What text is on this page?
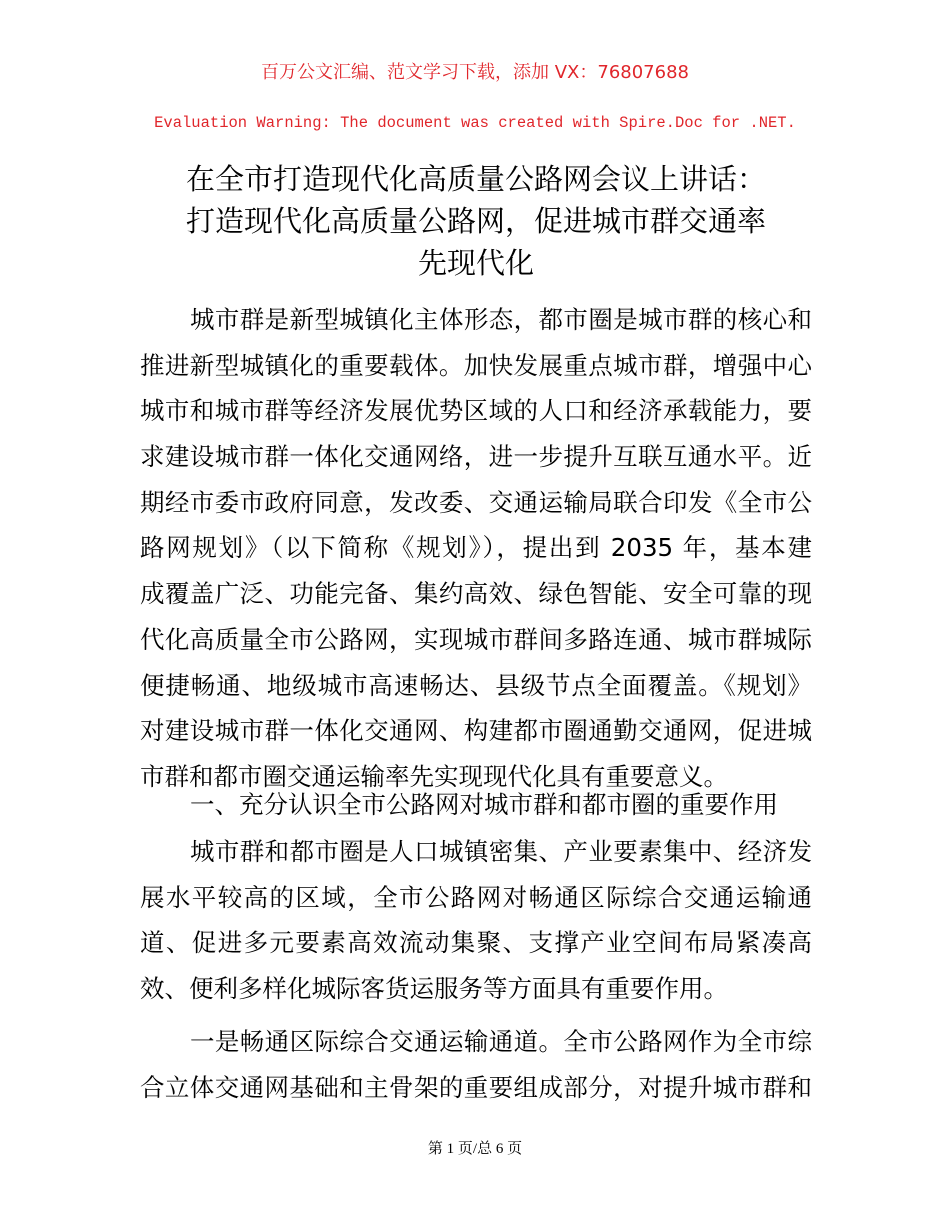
百万公文汇编、范文学习下载，添加 VX：76807688
Evaluation Warning: The document was created with Spire.Doc for .NET.
在全市打造现代化高质量公路网会议上讲话：
打造现代化高质量公路网，促进城市群交通率
先现代化
城市群是新型城镇化主体形态，都市圈是城市群的核心和
推进新型城镇化的重要载体。加快发展重点城市群，增强中心
城市和城市群等经济发展优势区域的人口和经济承载能力，要
求建设城市群一体化交通网络，进一步提升互联互通水平。近
期经市委市政府同意，发改委、交通运输局联合印发《全市公
路网规划》（以下简称《规划》），提出到 2035 年，基本建
成覆盖广泛、功能完备、集约高效、绿色智能、安全可靠的现
代化高质量全市公路网，实现城市群间多路连通、城市群城际
便捷畅通、地级城市高速畅达、县级节点全面覆盖。《规划》
对建设城市群一体化交通网、构建都市圈通勤交通网，促进城
市群和都市圈交通运输率先实现现代化具有重要意义。
一、充分认识全市公路网对城市群和都市圈的重要作用
城市群和都市圈是人口城镇密集、产业要素集中、经济发
展水平较高的区域，全市公路网对畅通区际综合交通运输通
道、促进多元要素高效流动集聚、支撑产业空间布局紧凑高
效、便利多样化城际客货运服务等方面具有重要作用。
一是畅通区际综合交通运输通道。全市公路网作为全市综
合立体交通网基础和主骨架的重要组成部分，对提升城市群和
第 1 页/总 6 页
